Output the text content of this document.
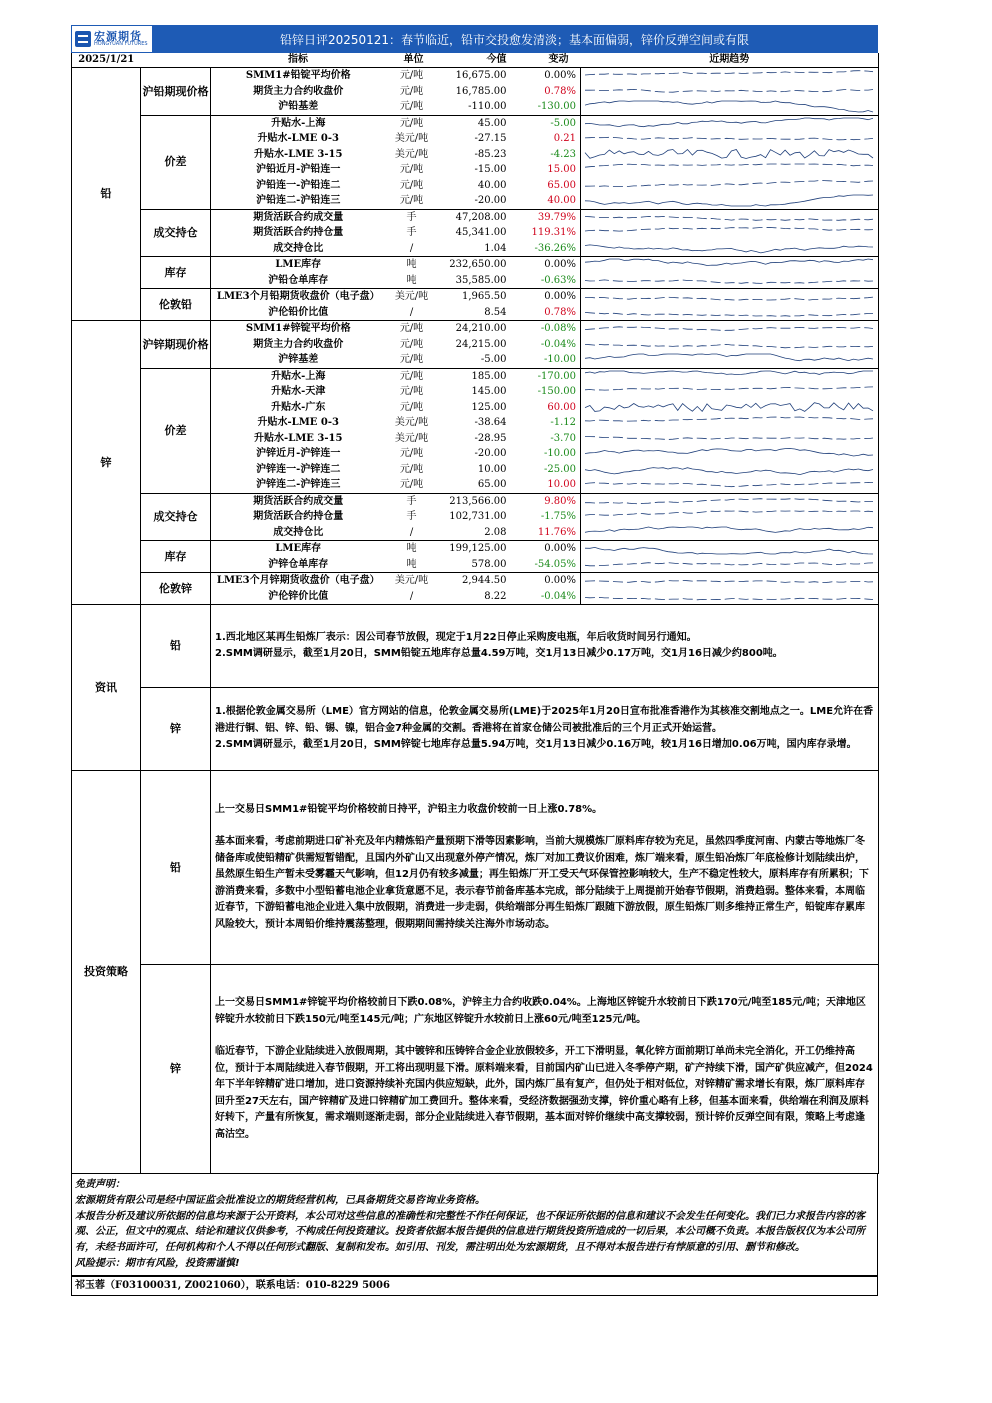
宏源期货
HONGYUAN FUTURES	铅锌日评20250121：春节临近，铅市交投愈发清淡；基本面偏弱，锌价反弹空间或有限
2025/1/21		指标	单位	今值	变动	近期趋势
铅	沪铅期现价格	SMM1#铅锭平均价格	元/吨	16,675.00	0.00%	

		期货主力合约收盘价	元/吨	16,785.00	0.78%	

		沪铅基差	元/吨	-110.00	-130.00	

	价差	升贴水-上海	元/吨	45.00	-5.00	

		升贴水-LME 0-3	美元/吨	-27.15	0.21	

		升贴水-LME 3-15	美元/吨	-85.23	-4.23	

		沪铅近月-沪铅连一	元/吨	-15.00	15.00	

		沪铅连一-沪铅连二	元/吨	40.00	65.00	

		沪铅连二-沪铅连三	元/吨	-20.00	40.00	

	成交持仓	期货活跃合约成交量	手	47,208.00	39.79%	

		期货活跃合约持仓量	手	45,341.00	119.31%	

		成交持仓比	/	1.04	-36.26%	

	库存	LME库存	吨	232,650.00	0.00%	

		沪铅仓单库存	吨	35,585.00	-0.63%	

	伦敦铅	LME3个月铅期货收盘价（电子盘）	美元/吨	1,965.50	0.00%	

		沪伦铅价比值	/	8.54	0.78%	

锌	沪锌期现价格	SMM1#锌锭平均价格	元/吨	24,210.00	-0.08%	

		期货主力合约收盘价	元/吨	24,215.00	-0.04%	

		沪锌基差	元/吨	-5.00	-10.00	

	价差	升贴水-上海	元/吨	185.00	-170.00	

		升贴水-天津	元/吨	145.00	-150.00	

		升贴水-广东	元/吨	125.00	60.00	

		升贴水-LME 0-3	美元/吨	-38.64	-1.12	

		升贴水-LME 3-15	美元/吨	-28.95	-3.70	

		沪锌近月-沪锌连一	元/吨	-20.00	-10.00	

		沪锌连一-沪锌连二	元/吨	10.00	-25.00	

		沪锌连二-沪锌连三	元/吨	65.00	10.00	

	成交持仓	期货活跃合约成交量	手	213,566.00	9.80%	

		期货活跃合约持仓量	手	102,731.00	-1.75%	

		成交持仓比	/	2.08	11.76%	

	库存	LME库存	吨	199,125.00	0.00%	

		沪锌仓单库存	吨	578.00	-54.05%	

	伦敦锌	LME3个月锌期货收盘价（电子盘）	美元/吨	2,944.50	0.00%	

		沪伦锌价比值	/	8.22	-0.04%	
资讯	铅	1.西北地区某再生铅炼厂表示：因公司春节放假，现定于1月22日停止采购废电瓶，年后收货时间另行通知。

2.SMM调研显示，截至1月20日，SMM铅锭五地库存总量4.59万吨，交1月13日减少0.17万吨，交1月16日减少约800吨。

	锌	1.根据伦敦金属交易所（LME）官方网站的信息，伦敦金属交易所(LME)于2025年1月20日宣布批准香港作为其核准交割地点之一。LME允许在香港进行铜、铝、锌、铅、锡、镍，铝合金7种金属的交割。香港将在首家仓储公司被批准后的三个月正式开始运营。

2.SMM调研显示，截至1月20日，SMM锌锭七地库存总量5.94万吨，交1月13日减少0.16万吨，较1月16日增加0.06万吨，国内库存录增。

投资策略	铅	上一交易日SMM1#铅锭平均价格较前日持平，沪铅主力收盘价较前一日上涨0.78%。

基本面来看，考虑前期进口矿补充及年内精炼铅产量预期下滑等因素影响，当前大规模炼厂原料库存较为充足，虽然四季度河南、内蒙古等地炼厂冬储备库或使铅精矿供需短暂错配，且国内外矿山又出现意外停产情况，炼厂对加工费议价困难，炼厂端来看，原生铅冶炼厂年底检修计划陆续出炉，虽然原生铅生产暂未受雾霾天气影响，但12月仍有较多减量；再生铅炼厂开工受天气环保管控影响较大，生产不稳定性较大，原料库存有所累积；下游消费来看，多数中小型铅蓄电池企业拿货意愿不足，表示春节前备库基本完成，部分陆续于上周提前开始春节假期，消费趋弱。整体来看，本周临近春节，下游铅蓄电池企业进入集中放假期，消费进一步走弱，供给端部分再生铅炼厂跟随下游放假，原生铅炼厂则多维持正常生产，铅锭库存累库风险较大，预计本周铅价维持震荡整理，假期期间需持续关注海外市场动态。

	锌	上一交易日SMM1#锌锭平均价格较前日下跌0.08%，沪锌主力合约收跌0.04%。上海地区锌锭升水较前日下跌170元/吨至185元/吨；天津地区锌锭升水较前日下跌150元/吨至145元/吨；广东地区锌锭升水较前日上涨60元/吨至125元/吨。

临近春节，下游企业陆续进入放假周期，其中镀锌和压铸锌合金企业放假较多，开工下滑明显，氧化锌方面前期订单尚未完全消化，开工仍维持高位，预计于本周陆续进入春节假期，开工将出现明显下滑。原料端来看，目前国内矿山已进入冬季停产期，矿产持续下滑，国产矿供应减产，但2024年下半年锌精矿进口增加，进口资源持续补充国内供应短缺，此外，国内炼厂虽有复产，但仍处于相对低位，对锌精矿需求增长有限，炼厂原料库存回升至27天左右，国产锌精矿及进口锌精矿加工费回升。整体来看，受经济数据强劲支撑，锌价重心略有上移，但基本面来看，供给端在利润及原料好转下，产量有所恢复，需求端则逐渐走弱，部分企业陆续进入春节假期，基本面对锌价继续中高支撑较弱，预计锌价反弹空间有限，策略上考虑逢高沽空。

免责声明：

宏源期货有限公司是经中国证监会批准设立的期货经营机构，已具备期货交易咨询业务资格。

本报告分析及建议所依据的信息均来源于公开资料，本公司对这些信息的准确性和完整性不作任何保证，也不保证所依据的信息和建议不会发生任何变化。我们已力求报告内容的客观、公正，但文中的观点、结论和建议仅供参考，不构成任何投资建议。投资者依据本报告提供的信息进行期货投资所造成的一切后果，本公司概不负责。本报告版权仅为本公司所有，未经书面许可，任何机构和个人不得以任何形式翻版、复制和发布。如引用、刊发，需注明出处为宏源期货，且不得对本报告进行有悖原意的引用、删节和修改。

风险提示：期市有风险，投资需谨慎!

祁玉蓉（F03100031, Z0021060），联系电话：010-8229 5006
